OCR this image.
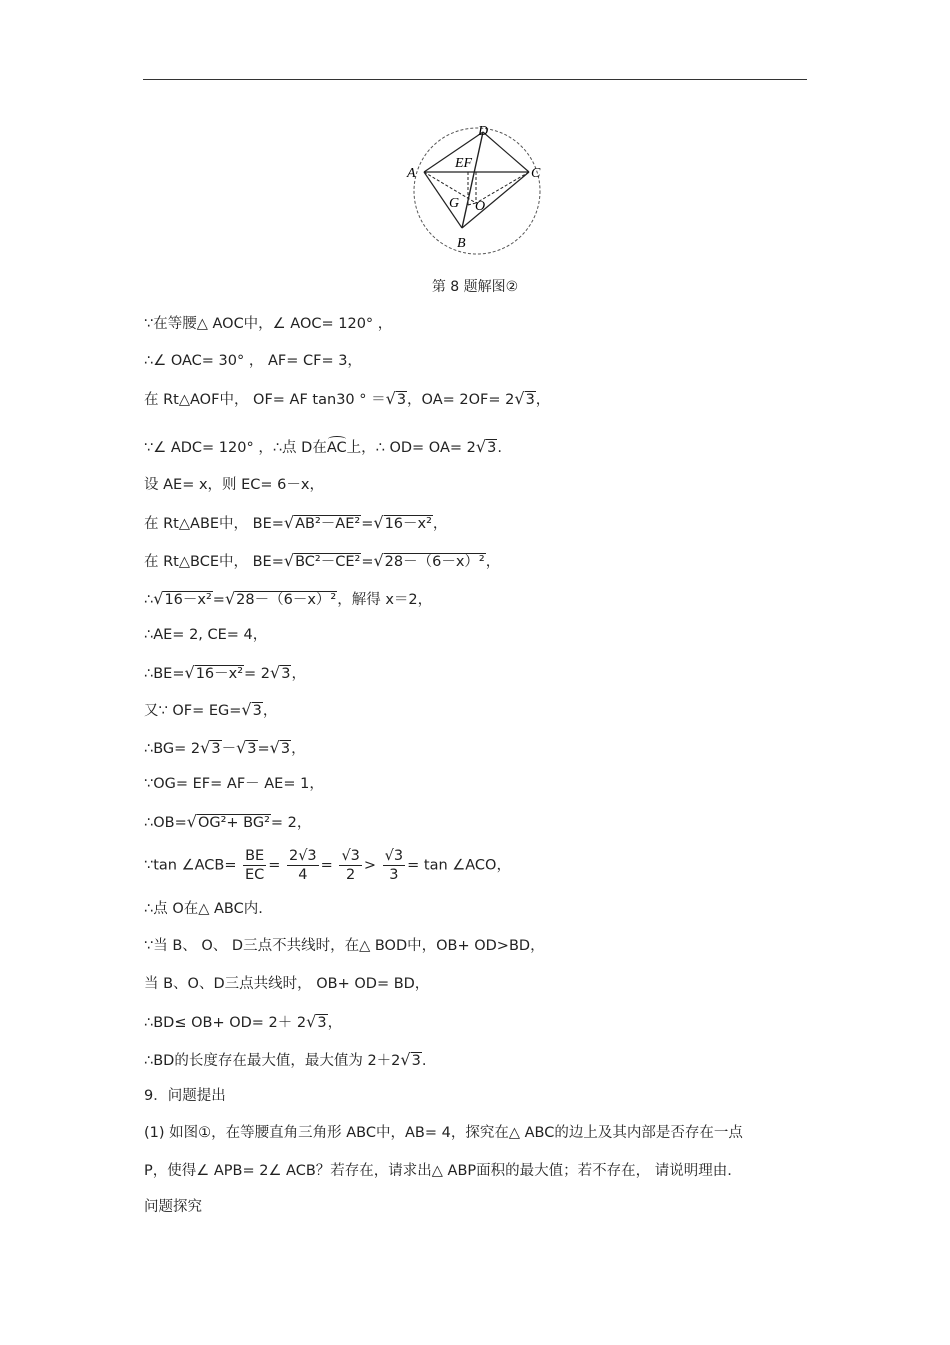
D
A	C
EF
G O
B
第 8 题解图②
∵在等腰△ AOC中，∠ AOC= 120° ，
∴∠ OAC= 30° ， AF= CF= 3，
在 Rt△AOF中， OF= AF tan30 ° ＝√3，OA= 2OF= 2√3，
∵∠ ADC= 120° ，∴点 D在AC上，∴ OD= OA= 2√3.
设 AE= x，则 EC= 6－x，
在 Rt△ABE中， BE=√AB²－AE²=√16－x²，
在 Rt△BCE中， BE=√BC²－CE²=√28－（6－x）²，
∴√16－x²=√28－（6－x）²，解得 x＝2，
∴AE= 2, CE= 4，
∴BE=√16－x²= 2√3，
又∵ OF= EG=√3，
∴BG= 2√3－√3=√3，
∵OG= EF= AF－ AE= 1，
∴OB=√OG²+ BG²= 2，
∵tan ∠ACB= $\frac{BE}{EC} = \frac{2√3}{4} = \frac{√3}{2} > \frac{√3}{3} = \tan$ ∠ACO，
∴点 O在△ ABC内.
∵当 B、 O、 D三点不共线时，在△ BOD中，OB+ OD>BD，
当 B、O、D三点共线时， OB+ OD= BD，
∴BD≤ OB+ OD= 2＋ 2√3，
∴BD的长度存在最大值，最大值为 2＋2√3.
9．问题提出
(1) 如图①，在等腰直角三角形 ABC中，AB= 4，探究在△ ABC的边上及其内部是否存在一点
P，使得∠ APB= 2∠ ACB？若存在，请求出△ ABP面积的最大值；若不存在， 请说明理由.
问题探究
